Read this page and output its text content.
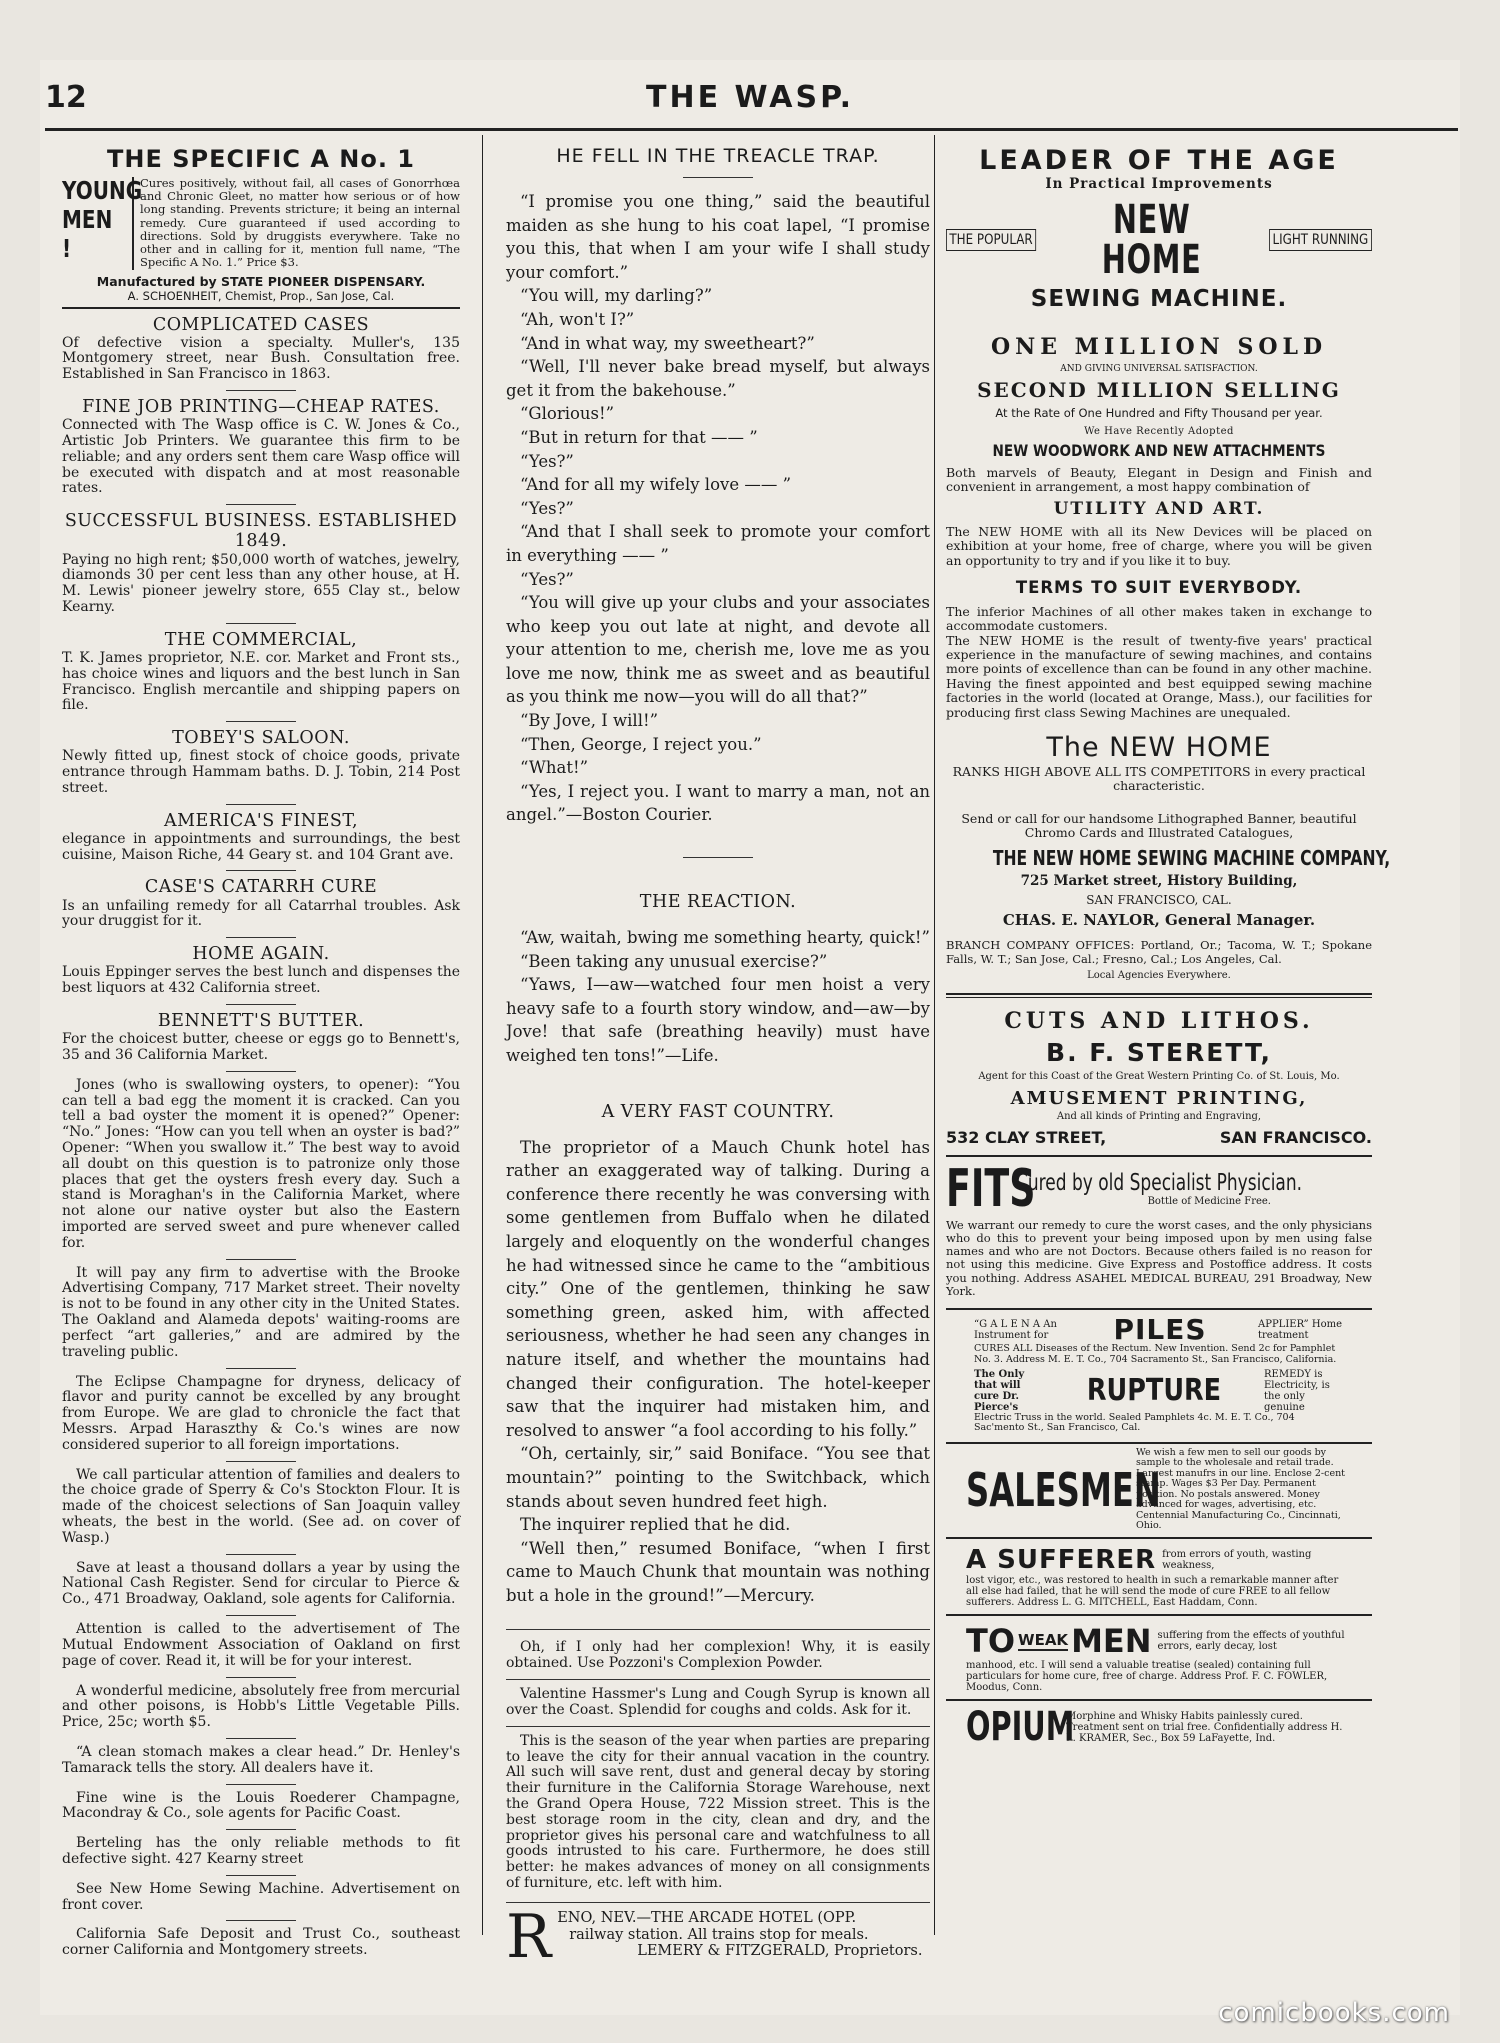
12	THE WASP.
THE SPECIFIC A No. 1
YOUNG
MEN !
Cures positively, without fail, all cases of Gonorrhœa and Chronic Gleet, no matter how serious or of how long standing. Prevents stricture; it being an internal remedy. Cure guaranteed if used according to directions. Sold by druggists everywhere. Take no other and in calling for it, mention full name, “The Specific A No. 1.” Price $3.
Manufactured by STATE PIONEER DISPENSARY.
A. SCHOENHEIT, Chemist, Prop., San Jose, Cal.
COMPLICATED CASES
Of defective vision a specialty. Muller's, 135 Montgomery street, near Bush. Consultation free. Established in San Francisco in 1863.
FINE JOB PRINTING—CHEAP RATES.
Connected with The Wasp office is C. W. Jones & Co., Artistic Job Printers. We guarantee this firm to be reliable; and any orders sent them care Wasp office will be executed with dispatch and at most reasonable rates.
SUCCESSFUL BUSINESS. ESTABLISHED 1849.
Paying no high rent; $50,000 worth of watches, jewelry, diamonds 30 per cent less than any other house, at H. M. Lewis' pioneer jewelry store, 655 Clay st., below Kearny.
THE COMMERCIAL,
T. K. James proprietor, N.E. cor. Market and Front sts., has choice wines and liquors and the best lunch in San Francisco. English mercantile and shipping papers on file.
TOBEY'S SALOON.
Newly fitted up, finest stock of choice goods, private entrance through Hammam baths. D. J. Tobin, 214 Post street.
AMERICA'S FINEST,
elegance in appointments and surroundings, the best cuisine, Maison Riche, 44 Geary st. and 104 Grant ave.
CASE'S CATARRH CURE
Is an unfailing remedy for all Catarrhal troubles. Ask your druggist for it.
HOME AGAIN.
Louis Eppinger serves the best lunch and dispenses the best liquors at 432 California street.
BENNETT'S BUTTER.
For the choicest butter, cheese or eggs go to Bennett's, 35 and 36 California Market.
Jones (who is swallowing oysters, to opener): “You can tell a bad egg the moment it is cracked. Can you tell a bad oyster the moment it is opened?” Opener: “No.” Jones: “How can you tell when an oyster is bad?” Opener: “When you swallow it.” The best way to avoid all doubt on this question is to patronize only those places that get the oysters fresh every day. Such a stand is Moraghan's in the California Market, where not alone our native oyster but also the Eastern imported are served sweet and pure whenever called for.
It will pay any firm to advertise with the Brooke Advertising Company, 717 Market street. Their novelty is not to be found in any other city in the United States. The Oakland and Alameda depots' waiting-rooms are perfect “art galleries,” and are admired by the traveling public.
The Eclipse Champagne for dryness, delicacy of flavor and purity cannot be excelled by any brought from Europe. We are glad to chronicle the fact that Messrs. Arpad Haraszthy & Co.'s wines are now considered superior to all foreign importations.
We call particular attention of families and dealers to the choice grade of Sperry & Co's Stockton Flour. It is made of the choicest selections of San Joaquin valley wheats, the best in the world. (See ad. on cover of Wasp.)
Save at least a thousand dollars a year by using the National Cash Register. Send for circular to Pierce & Co., 471 Broadway, Oakland, sole agents for California.
Attention is called to the advertisement of The Mutual Endowment Association of Oakland on first page of cover. Read it, it will be for your interest.
A wonderful medicine, absolutely free from mercurial and other poisons, is Hobb's Little Vegetable Pills. Price, 25c; worth $5.
“A clean stomach makes a clear head.” Dr. Henley's Tamarack tells the story. All dealers have it.
Fine wine is the Louis Roederer Champagne, Macondray & Co., sole agents for Pacific Coast.
Berteling has the only reliable methods to fit defective sight. 427 Kearny street
See New Home Sewing Machine. Advertisement on front cover.
California Safe Deposit and Trust Co., southeast corner California and Montgomery streets.
HE FELL IN THE TREACLE TRAP.

“I promise you one thing,” said the beautiful maiden as she hung to his coat lapel, “I promise you this, that when I am your wife I shall study your comfort.”

“You will, my darling?”

“Ah, won't I?”

“And in what way, my sweetheart?”

“Well, I'll never bake bread myself, but always get it from the bakehouse.”

“Glorious!”

“But in return for that —— ”

“Yes?”

“And for all my wifely love —— ”

“Yes?”

“And that I shall seek to promote your comfort in everything —— ”

“Yes?”

“You will give up your clubs and your associates who keep you out late at night, and devote all your attention to me, cherish me, love me as you love me now, think me as sweet and as beautiful as you think me now—you will do all that?”

“By Jove, I will!”

“Then, George, I reject you.”

“What!”

“Yes, I reject you. I want to marry a man, not an angel.”—Boston Courier.

THE REACTION.

“Aw, waitah, bwing me something hearty, quick!”

“Been taking any unusual exercise?”

“Yaws, I—aw—watched four men hoist a very heavy safe to a fourth story window, and—aw—by Jove! that safe (breathing heavily) must have weighed ten tons!”—Life.

A VERY FAST COUNTRY.

The proprietor of a Mauch Chunk hotel has rather an exaggerated way of talking. During a conference there recently he was conversing with some gentlemen from Buffalo when he dilated largely and eloquently on the wonderful changes he had witnessed since he came to the “ambitious city.” One of the gentlemen, thinking he saw something green, asked him, with affected seriousness, whether he had seen any changes in nature itself, and whether the mountains had changed their configuration. The hotel-keeper saw that the inquirer had mistaken him, and resolved to answer “a fool according to his folly.”

“Oh, certainly, sir,” said Boniface. “You see that mountain?” pointing to the Switchback, which stands about seven hundred feet high.

The inquirer replied that he did.

“Well then,” resumed Boniface, “when I first came to Mauch Chunk that mountain was nothing but a hole in the ground!”—Mercury.

Oh, if I only had her complexion! Why, it is easily obtained. Use Pozzoni's Complexion Powder.
Valentine Hassmer's Lung and Cough Syrup is known all over the Coast. Splendid for coughs and colds. Ask for it.
This is the season of the year when parties are preparing to leave the city for their annual vacation in the country. All such will save rent, dust and general decay by storing their furniture in the California Storage Warehouse, next the Grand Opera House, 722 Mission street. This is the best storage room in the city, clean and dry, and the proprietor gives his personal care and watchfulness to all goods intrusted to his care. Furthermore, he does still better: he makes advances of money on all consignments of furniture, etc. left with him.
R ENO, NEV.—THE ARCADE HOTEL (OPP.
railway station. All trains stop for meals.
LEMERY & FITZGERALD, Proprietors.
LEADER OF THE AGE
In Practical Improvements
THE POPULAR	NEW HOME	LIGHT RUNNING
SEWING MACHINE.
ONE MILLION SOLD
AND GIVING UNIVERSAL SATISFACTION.
SECOND MILLION SELLING
At the Rate of One Hundred and Fifty Thousand per year.
We Have Recently Adopted
NEW WOODWORK AND NEW ATTACHMENTS
Both marvels of Beauty, Elegant in Design and Finish and convenient in arrangement, a most happy combination of
UTILITY AND ART.
The NEW HOME with all its New Devices will be placed on exhibition at your home, free of charge, where you will be given an opportunity to try and if you like it to buy.
TERMS TO SUIT EVERYBODY.
The inferior Machines of all other makes taken in exchange to accommodate customers.
The NEW HOME is the result of twenty-five years' practical experience in the manufacture of sewing machines, and contains more points of excellence than can be found in any other machine. Having the finest appointed and best equipped sewing machine factories in the world (located at Orange, Mass.), our facilities for producing first class Sewing Machines are unequaled.
The NEW HOME
RANKS HIGH ABOVE ALL ITS COMPETITORS in every practical characteristic.
Send or call for our handsome Lithographed Banner, beautiful Chromo Cards and Illustrated Catalogues,
THE NEW HOME SEWING MACHINE COMPANY,
725 Market street, History Building,
SAN FRANCISCO, CAL.
CHAS. E. NAYLOR, General Manager.
BRANCH COMPANY OFFICES: Portland, Or.; Tacoma, W. T.; Spokane Falls, W. T.; San Jose, Cal.; Fresno, Cal.; Los Angeles, Cal.
Local Agencies Everywhere.
CUTS AND LITHOS.
B. F. STERETT,
Agent for this Coast of the Great Western Printing Co. of St. Louis, Mo.
AMUSEMENT PRINTING,
And all kinds of Printing and Engraving,
532 CLAY STREET,	SAN FRANCISCO.
FITS
Cured by old Specialist Physician.
Bottle of Medicine Free.
We warrant our remedy to cure the worst cases, and the only physicians who do this to prevent your being imposed upon by men using false names and who are not Doctors. Because others failed is no reason for not using this medicine. Give Express and Postoffice address. It costs you nothing. Address ASAHEL MEDICAL BUREAU, 291 Broadway, New York.
“G A L E N A An Instrument for	PILES	APPLIER” Home treatment
CURES ALL Diseases of the Rectum. New Invention. Send 2c for Pamphlet No. 3. Address M. E. T. Co., 704 Sacramento St., San Francisco, California.
The Only that will cure Dr. Pierce's	RUPTURE	REMEDY is Electricity, is the only genuine
Electric Truss in the world. Sealed Pamphlets 4c. M. E. T. Co., 704 Sac'mento St., San Francisco, Cal.
SALESMEN
We wish a few men to sell our goods by sample to the wholesale and retail trade. Largest manufrs in our line. Enclose 2-cent stamp. Wages $3 Per Day. Permanent position. No postals answered. Money advanced for wages, advertising, etc. Centennial Manufacturing Co., Cincinnati, Ohio.
A SUFFERER from errors of youth, wasting weakness,
lost vigor, etc., was restored to health in such a remarkable manner after all else had failed, that he will send the mode of cure FREE to all fellow sufferers. Address L. G. MITCHELL, East Haddam, Conn.
TO WEAK MEN suffering from the effects of youthful errors, early decay, lost
manhood, etc. I will send a valuable treatise (sealed) containing full particulars for home cure, free of charge. Address Prof. F. C. FOWLER, Moodus, Conn.
OPIUM
Morphine and Whisky Habits painlessly cured. Treatment sent on trial free. Confidentially address H. L. KRAMER, Sec., Box 59 LaFayette, Ind.
comicbooks.com
